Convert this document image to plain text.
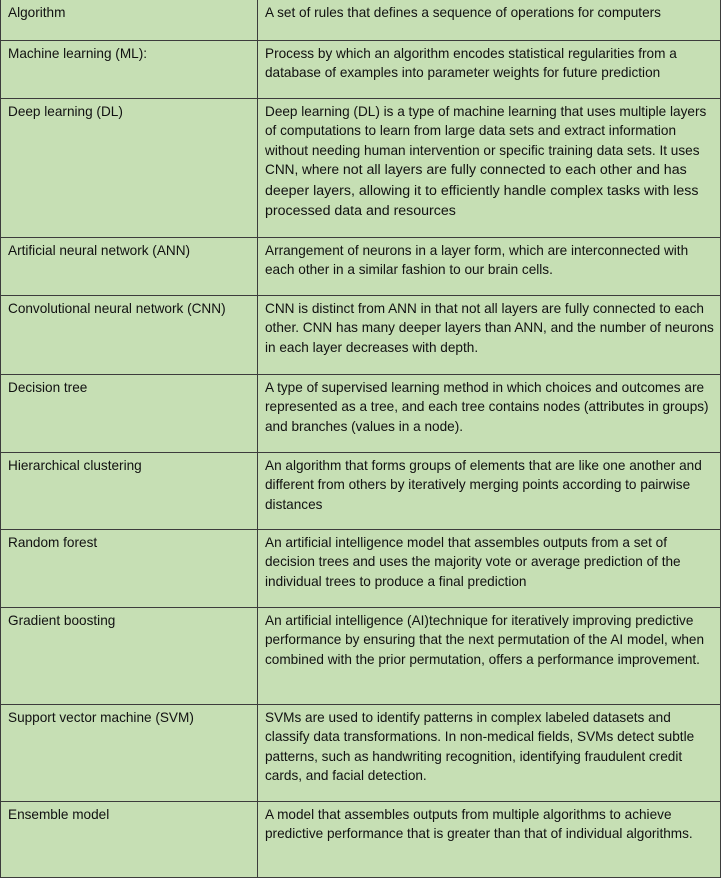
Algorithm	A set of rules that defines a sequence of operations for computers
Machine learning (ML):	Process by which an algorithm encodes statistical regularities from a database of examples into parameter weights for future prediction
Deep learning (DL)	Deep learning (DL) is a type of machine learning that uses multiple layers of computations to learn from large data sets and extract information without needing human intervention or specific training data sets. It uses CNN, where not all layers are fully connected to each other and has deeper layers, allowing it to efficiently handle complex tasks with less processed data and resources
Artificial neural network (ANN)	Arrangement of neurons in a layer form, which are interconnected with each other in a similar fashion to our brain cells.
Convolutional neural network (CNN)	CNN is distinct from ANN in that not all layers are fully connected to each other. CNN has many deeper layers than ANN, and the number of neurons in each layer decreases with depth.
Decision tree	A type of supervised learning method in which choices and outcomes are represented as a tree, and each tree contains nodes (attributes in groups) and branches (values in a node).
Hierarchical clustering	An algorithm that forms groups of elements that are like one another and different from others by iteratively merging points according to pairwise distances
Random forest	An artificial intelligence model that assembles outputs from a set of decision trees and uses the majority vote or average prediction of the individual trees to produce a final prediction
Gradient boosting	An artificial intelligence (AI)technique for iteratively improving predictive performance by ensuring that the next permutation of the AI model, when combined with the prior permutation, offers a performance improvement.
Support vector machine (SVM)	SVMs are used to identify patterns in complex labeled datasets and classify data transformations. In non-medical fields, SVMs detect subtle patterns, such as handwriting recognition, identifying fraudulent credit cards, and facial detection.
Ensemble model	A model that assembles outputs from multiple algorithms to achieve predictive performance that is greater than that of individual algorithms.
